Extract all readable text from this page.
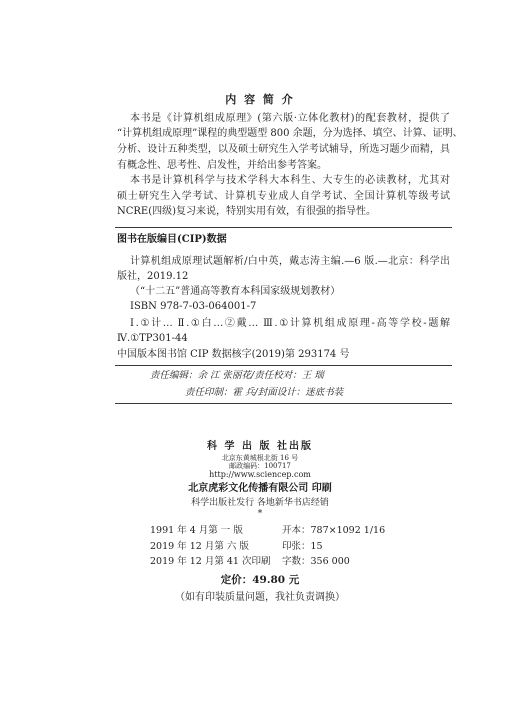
内 容 简 介
本书是《计算机组成原理》(第六版·立体化教材)的配套教材，提供了
“计算机组成原理”课程的典型题型 800 余题，分为选择、填空、计算、证明、
分析、设计五种类型，以及硕士研究生入学考试辅导，所选习题少而精，具
有概念性、思考性、启发性，并给出参考答案。
本书是计算机科学与技术学科大本科生、大专生的必读教材，尤其对
硕士研究生入学考试、计算机专业成人自学考试、全国计算机等级考试
NCRE(四级)复习来说，特别实用有效，有很强的指导性。
图书在版编目(CIP)数据
计算机组成原理试题解析/白中英，戴志涛主编.—6 版.—北京：科学出
版社，2019.12
（“十二五”普通高等教育本科国家级规划教材）
ISBN 978-7-03-064001-7
Ⅰ.①计… Ⅱ.①白…②戴… Ⅲ.①计算机组成原理-高等学校-题解
Ⅳ.①TP301-44
中国版本图书馆 CIP 数据核字(2019)第 293174 号
责任编辑：余 江 张丽花/责任校对：王 瑞
责任印制：霍 兵/封面设计：迷底书装
科 学 出 版 社出版
北京东黄城根北街 16 号
邮政编码：100717
http://www.sciencep.com
北京虎彩文化传播有限公司 印刷
科学出版社发行 各地新华书店经销
*
1991 年 4 月第 一 版	开本：787×1092 1/16
2019 年 12 月第 六 版	印张：15
2019 年 12 月第 41 次印刷 字数：356 000
定价：49.80 元
（如有印装质量问题，我社负责调换）
